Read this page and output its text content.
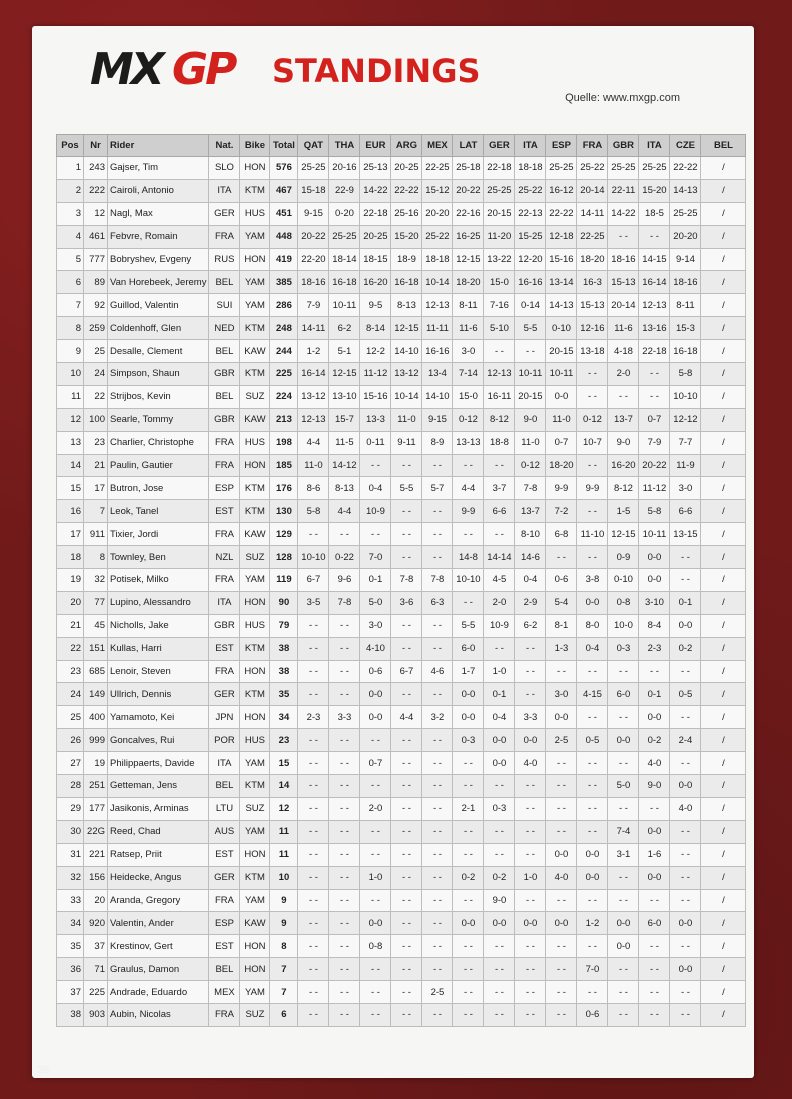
MX GP STANDINGS
Quelle: www.mxgp.com
Pos	Nr	Rider	Nat.	Bike	Total	QAT	THA	EUR	ARG	MEX	LAT	GER	ITA	ESP	FRA	GBR	ITA	CZE	BEL
1	243	Gajser, Tim	SLO	HON	576	25-25	20-16	25-13	20-25	22-25	25-18	22-18	18-18	25-25	25-22	25-25	25-25	22-22	/
2	222	Cairoli, Antonio	ITA	KTM	467	15-18	22-9	14-22	22-22	15-12	20-22	25-25	25-22	16-12	20-14	22-11	15-20	14-13	/
3	12	Nagl, Max	GER	HUS	451	9-15	0-20	22-18	25-16	20-20	22-16	20-15	22-13	22-22	14-11	14-22	18-5	25-25	/
4	461	Febvre, Romain	FRA	YAM	448	20-22	25-25	20-25	15-20	25-22	16-25	11-20	15-25	12-18	22-25	- -	- -	20-20	/
5	777	Bobryshev, Evgeny	RUS	HON	419	22-20	18-14	18-15	18-9	18-18	12-15	13-22	12-20	15-16	18-20	18-16	14-15	9-14	/
6	89	Van Horebeek, Jeremy	BEL	YAM	385	18-16	16-18	16-20	16-18	10-14	18-20	15-0	16-16	13-14	16-3	15-13	16-14	18-16	/
7	92	Guillod, Valentin	SUI	YAM	286	7-9	10-11	9-5	8-13	12-13	8-11	7-16	0-14	14-13	15-13	20-14	12-13	8-11	/
8	259	Coldenhoff, Glen	NED	KTM	248	14-11	6-2	8-14	12-15	11-11	11-6	5-10	5-5	0-10	12-16	11-6	13-16	15-3	/
9	25	Desalle, Clement	BEL	KAW	244	1-2	5-1	12-2	14-10	16-16	3-0	- -	- -	20-15	13-18	4-18	22-18	16-18	/
10	24	Simpson, Shaun	GBR	KTM	225	16-14	12-15	11-12	13-12	13-4	7-14	12-13	10-11	10-11	- -	2-0	- -	5-8	/
11	22	Strijbos, Kevin	BEL	SUZ	224	13-12	13-10	15-16	10-14	14-10	15-0	16-11	20-15	0-0	- -	- -	- -	10-10	/
12	100	Searle, Tommy	GBR	KAW	213	12-13	15-7	13-3	11-0	9-15	0-12	8-12	9-0	11-0	0-12	13-7	0-7	12-12	/
13	23	Charlier, Christophe	FRA	HUS	198	4-4	11-5	0-11	9-11	8-9	13-13	18-8	11-0	0-7	10-7	9-0	7-9	7-7	/
14	21	Paulin, Gautier	FRA	HON	185	11-0	14-12	- -	- -	- -	- -	- -	0-12	18-20	- -	16-20	20-22	11-9	/
15	17	Butron, Jose	ESP	KTM	176	8-6	8-13	0-4	5-5	5-7	4-4	3-7	7-8	9-9	9-9	8-12	11-12	3-0	/
16	7	Leok, Tanel	EST	KTM	130	5-8	4-4	10-9	- -	- -	9-9	6-6	13-7	7-2	- -	1-5	5-8	6-6	/
17	911	Tixier, Jordi	FRA	KAW	129	- -	- -	- -	- -	- -	- -	- -	8-10	6-8	11-10	12-15	10-11	13-15	/
18	8	Townley, Ben	NZL	SUZ	128	10-10	0-22	7-0	- -	- -	14-8	14-14	14-6	- -	- -	0-9	0-0	- -	/
19	32	Potisek, Milko	FRA	YAM	119	6-7	9-6	0-1	7-8	7-8	10-10	4-5	0-4	0-6	3-8	0-10	0-0	- -	/
20	77	Lupino, Alessandro	ITA	HON	90	3-5	7-8	5-0	3-6	6-3	- -	2-0	2-9	5-4	0-0	0-8	3-10	0-1	/
21	45	Nicholls, Jake	GBR	HUS	79	- -	- -	3-0	- -	- -	5-5	10-9	6-2	8-1	8-0	10-0	8-4	0-0	/
22	151	Kullas, Harri	EST	KTM	38	- -	- -	4-10	- -	- -	6-0	- -	- -	1-3	0-4	0-3	2-3	0-2	/
23	685	Lenoir, Steven	FRA	HON	38	- -	- -	0-6	6-7	4-6	1-7	1-0	- -	- -	- -	- -	- -	- -	/
24	149	Ullrich, Dennis	GER	KTM	35	- -	- -	0-0	- -	- -	0-0	0-1	- -	3-0	4-15	6-0	0-1	0-5	/
25	400	Yamamoto, Kei	JPN	HON	34	2-3	3-3	0-0	4-4	3-2	0-0	0-4	3-3	0-0	- -	- -	0-0	- -	/
26	999	Goncalves, Rui	POR	HUS	23	- -	- -	- -	- -	- -	0-3	0-0	0-0	2-5	0-5	0-0	0-2	2-4	/
27	19	Philippaerts, Davide	ITA	YAM	15	- -	- -	0-7	- -	- -	- -	0-0	4-0	- -	- -	- -	4-0	- -	/
28	251	Getteman, Jens	BEL	KTM	14	- -	- -	- -	- -	- -	- -	- -	- -	- -	- -	5-0	9-0	0-0	/
29	177	Jasikonis, Arminas	LTU	SUZ	12	- -	- -	2-0	- -	- -	2-1	0-3	- -	- -	- -	- -	- -	4-0	/
30	22G	Reed, Chad	AUS	YAM	11	- -	- -	- -	- -	- -	- -	- -	- -	- -	- -	7-4	0-0	- -	/
31	221	Ratsep, Priit	EST	HON	11	- -	- -	- -	- -	- -	- -	- -	- -	0-0	0-0	3-1	1-6	- -	/
32	156	Heidecke, Angus	GER	KTM	10	- -	- -	1-0	- -	- -	0-2	0-2	1-0	4-0	0-0	- -	0-0	- -	/
33	20	Aranda, Gregory	FRA	YAM	9	- -	- -	- -	- -	- -	- -	9-0	- -	- -	- -	- -	- -	- -	/
34	920	Valentin, Ander	ESP	KAW	9	- -	- -	0-0	- -	- -	0-0	0-0	0-0	0-0	1-2	0-0	6-0	0-0	/
35	37	Krestinov, Gert	EST	HON	8	- -	- -	0-8	- -	- -	- -	- -	- -	- -	- -	0-0	- -	- -	/
36	71	Graulus, Damon	BEL	HON	7	- -	- -	- -	- -	- -	- -	- -	- -	- -	7-0	- -	- -	0-0	/
37	225	Andrade, Eduardo	MEX	YAM	7	- -	- -	- -	- -	2-5	- -	- -	- -	- -	- -	- -	- -	- -	/
38	903	Aubin, Nicolas	FRA	SUZ	6	- -	- -	- -	- -	- -	- -	- -	- -	- -	0-6	- -	- -	- -	/
26
